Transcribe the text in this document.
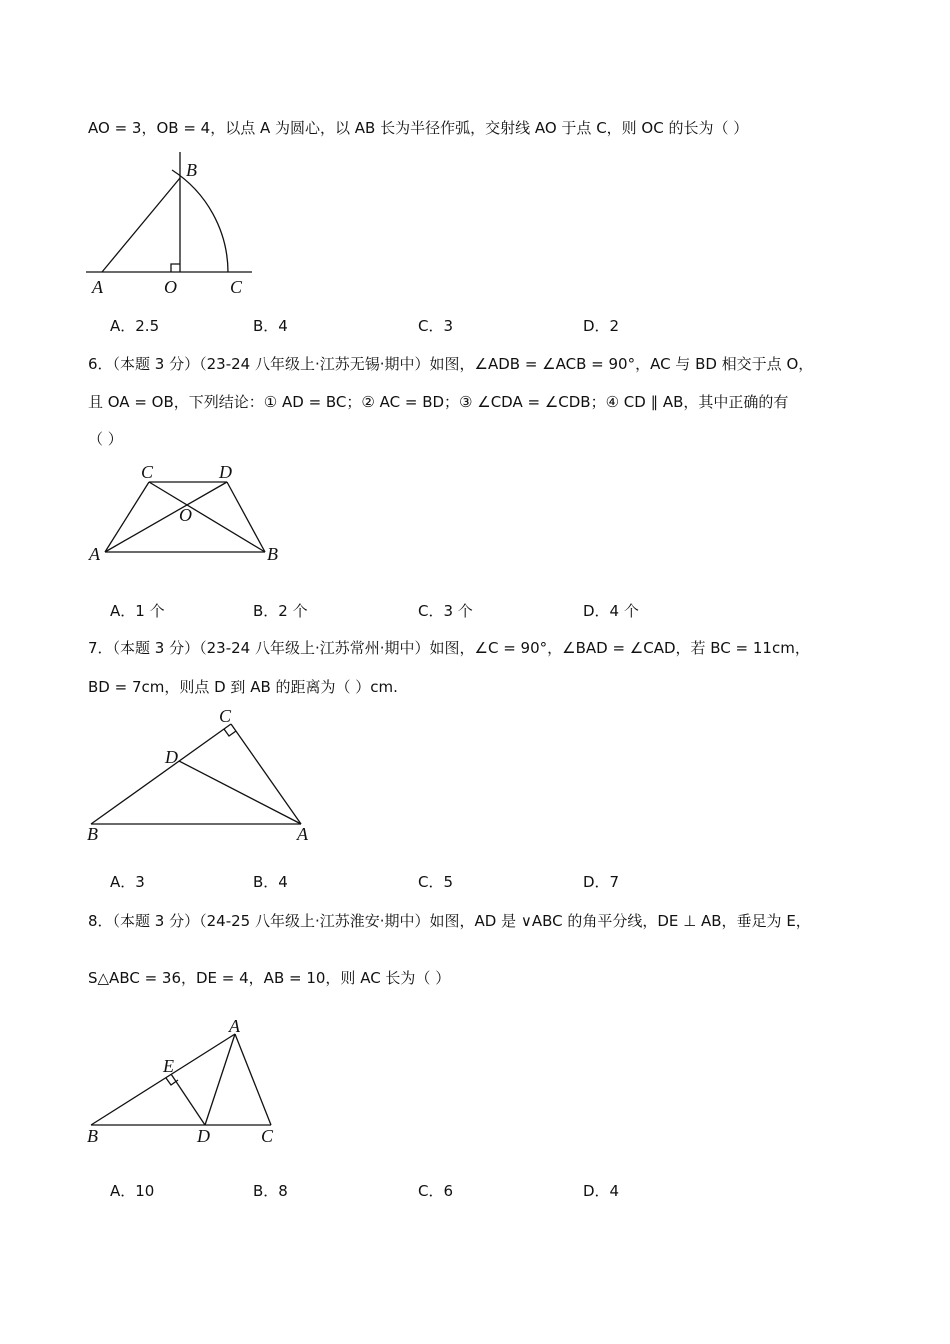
AO = 3，OB = 4，以点 A 为圆心，以 AB 长为半径作弧，交射线 AO 于点 C，则 OC 的长为（ ）
A	O	C
B
A．2.5	B．4	C．3	D．2
6．（本题 3 分）（23-24 八年级上·江苏无锡·期中）如图，∠ADB = ∠ACB = 90°，AC 与 BD 相交于点 O，
且 OA = OB，下列结论：① AD = BC；② AC = BD；③ ∠CDA = ∠CDB；④ CD ∥ AB，其中正确的有
（ ）
C	D
O
A	B
A．1 个	B．2 个	C．3 个	D．4 个
7．（本题 3 分）（23-24 八年级上·江苏常州·期中）如图，∠C = 90°，∠BAD = ∠CAD，若 BC = 11cm，
BD = 7cm，则点 D 到 AB 的距离为（ ）cm.
C
D
B	A
A．3	B．4	C．5	D．7
8．（本题 3 分）（24-25 八年级上·江苏淮安·期中）如图，AD 是 ∨ABC 的角平分线，DE ⊥ AB，垂足为 E，
S△ABC = 36，DE = 4，AB = 10，则 AC 长为（ ）
A
E
B	D	C
A．10	B．8	C．6	D．4
